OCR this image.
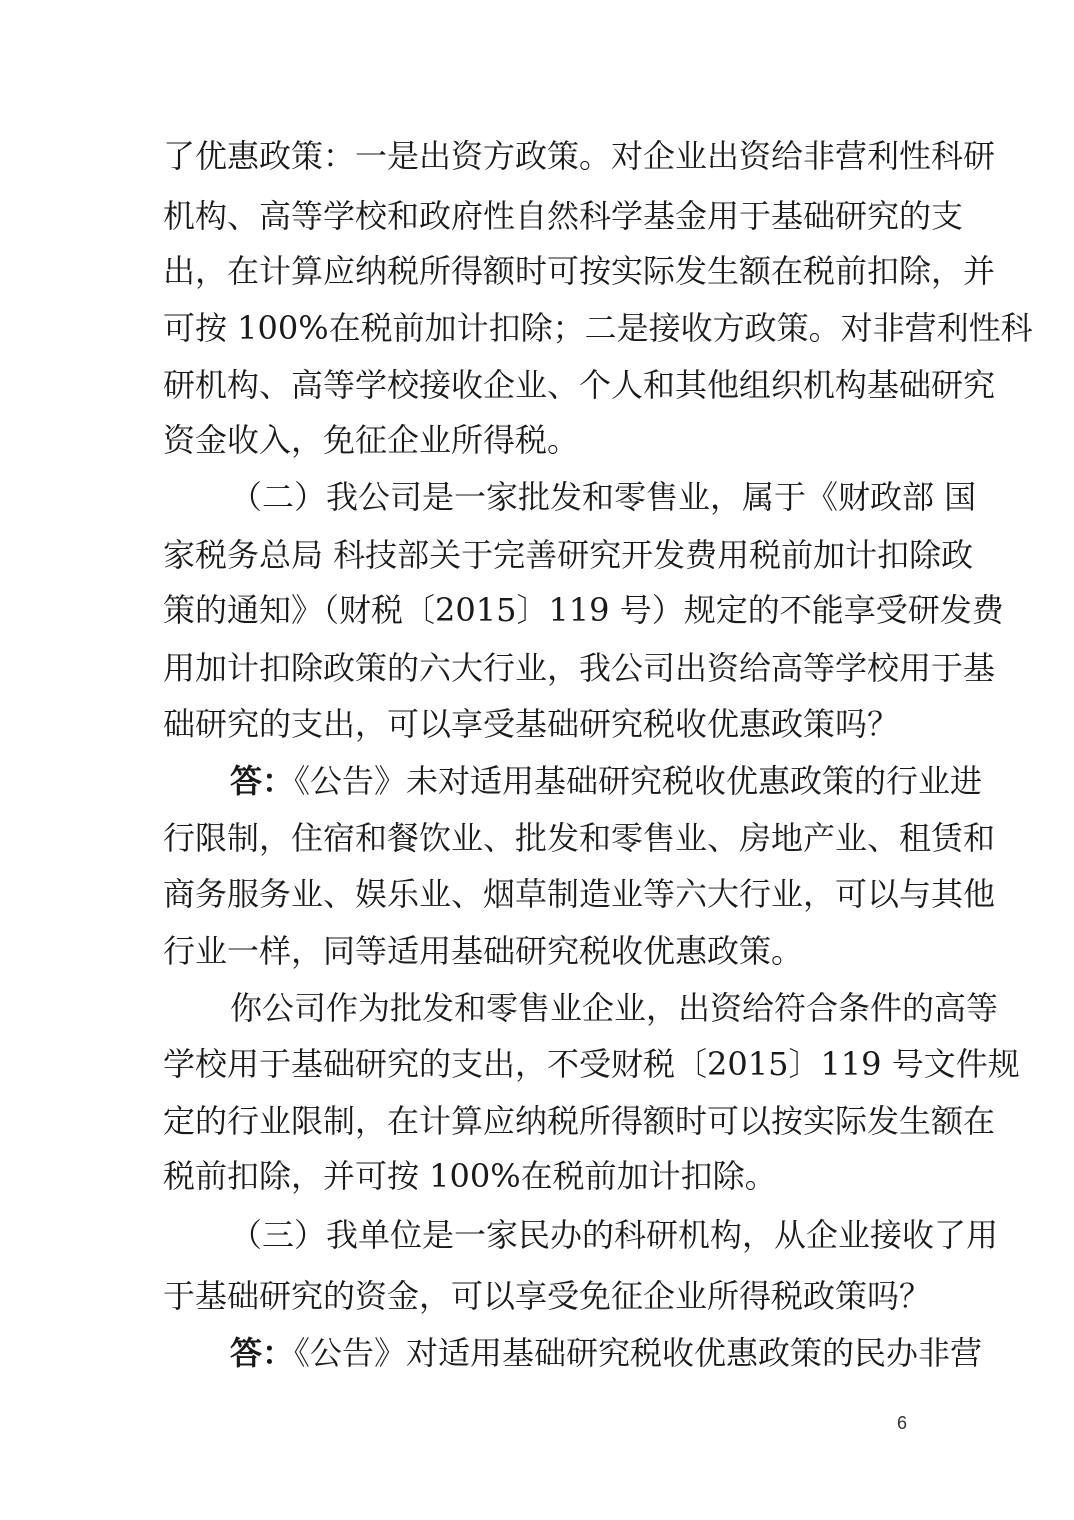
了优惠政策：一是出资方政策。对企业出资给非营利性科研
机构、高等学校和政府性自然科学基金用于基础研究的支
出，在计算应纳税所得额时可按实际发生额在税前扣除，并
可按 100%在税前加计扣除；二是接收方政策。对非营利性科
研机构、高等学校接收企业、个人和其他组织机构基础研究
资金收入，免征企业所得税。
（二）我公司是一家批发和零售业，属于《财政部 国
家税务总局 科技部关于完善研究开发费用税前加计扣除政
策的通知》（财税〔2015〕119 号）规定的不能享受研发费
用加计扣除政策的六大行业，我公司出资给高等学校用于基
础研究的支出，可以享受基础研究税收优惠政策吗？
答：《公告》未对适用基础研究税收优惠政策的行业进
行限制，住宿和餐饮业、批发和零售业、房地产业、租赁和
商务服务业、娱乐业、烟草制造业等六大行业，可以与其他
行业一样，同等适用基础研究税收优惠政策。
你公司作为批发和零售业企业，出资给符合条件的高等
学校用于基础研究的支出，不受财税〔2015〕119 号文件规
定的行业限制，在计算应纳税所得额时可以按实际发生额在
税前扣除，并可按 100%在税前加计扣除。
（三）我单位是一家民办的科研机构，从企业接收了用
于基础研究的资金，可以享受免征企业所得税政策吗？
答：《公告》对适用基础研究税收优惠政策的民办非营
6
